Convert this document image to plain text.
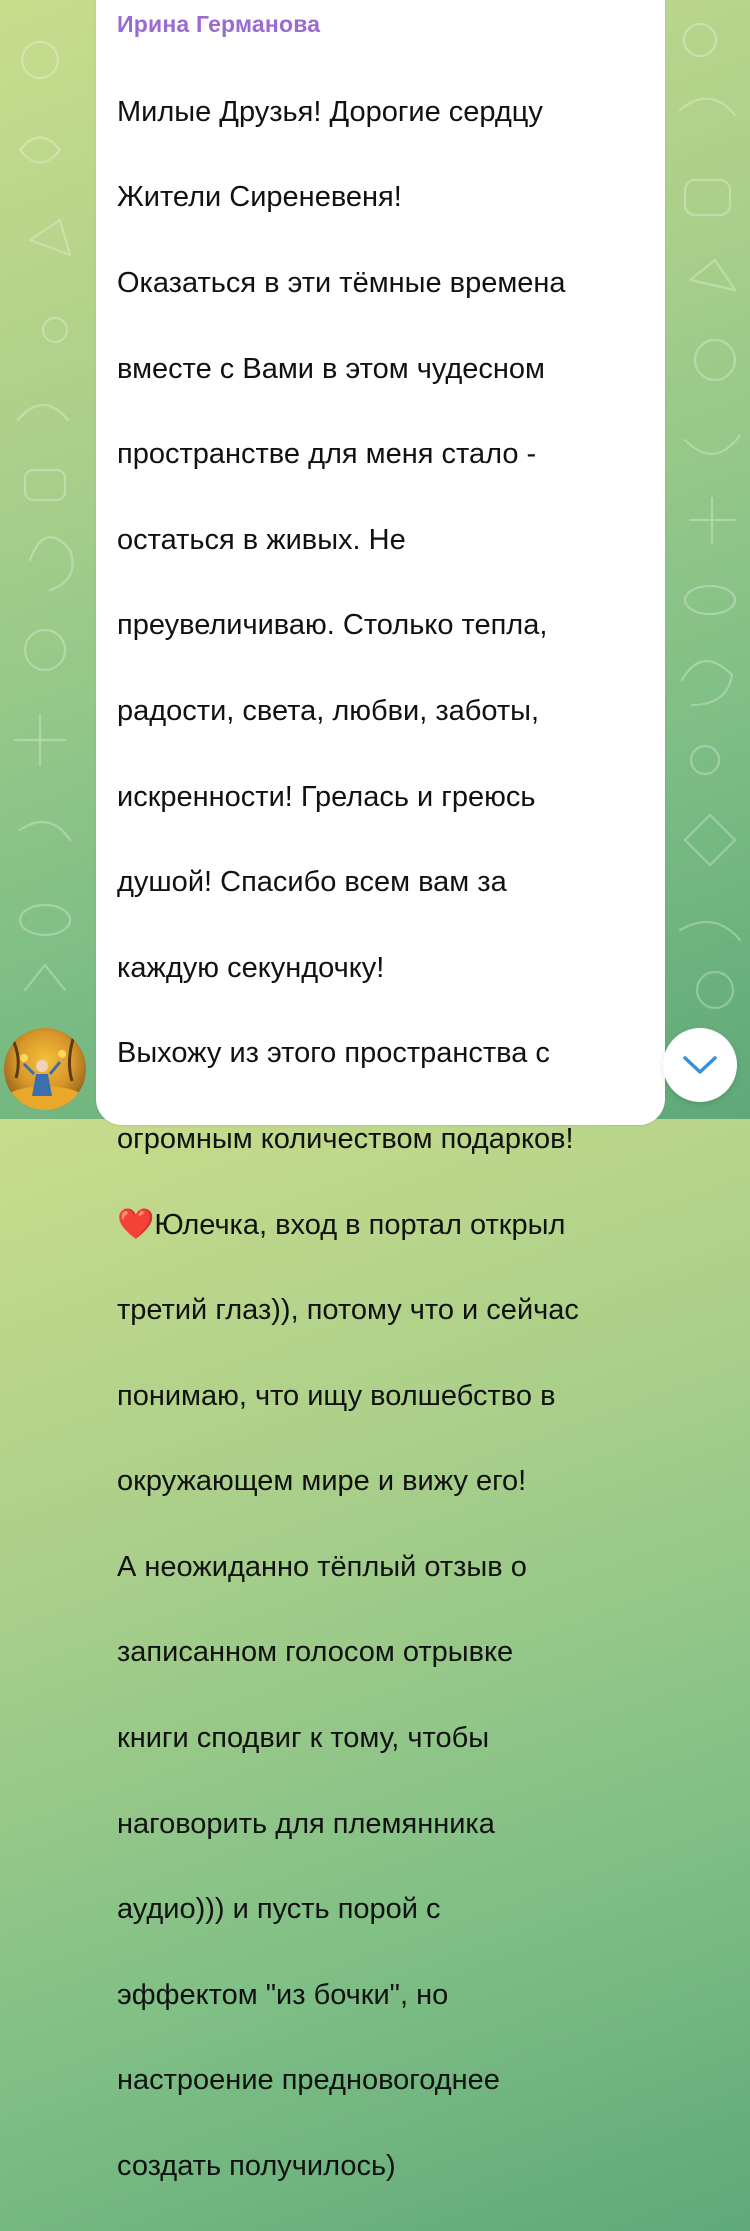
Ирина Германова

Милые Друзья! Дорогие сердцу

Жители Сиреневеня!

Оказаться в эти тёмные времена

вместе с Вами в этом чудесном

пространстве для меня стало -

остаться в живых. Не

преувеличиваю. Столько тепла,

радости, света, любви, заботы,

искренности! Грелась и греюсь

душой! Спасибо всем вам за

каждую секундочку!

Выхожу из этого пространства с

огромным количеством подарков!

❤️Юлечка, вход в портал открыл

третий глаз)), потому что и сейчас

понимаю, что ищу волшебство в

окружающем мире и вижу его!

А неожиданно тёплый отзыв о

записанном голосом отрывке

книги сподвиг к тому, чтобы

наговорить для племянника

аудио))) и пусть порой с

эффектом "из бочки", но

настроение предновогоднее

создать получилось)
